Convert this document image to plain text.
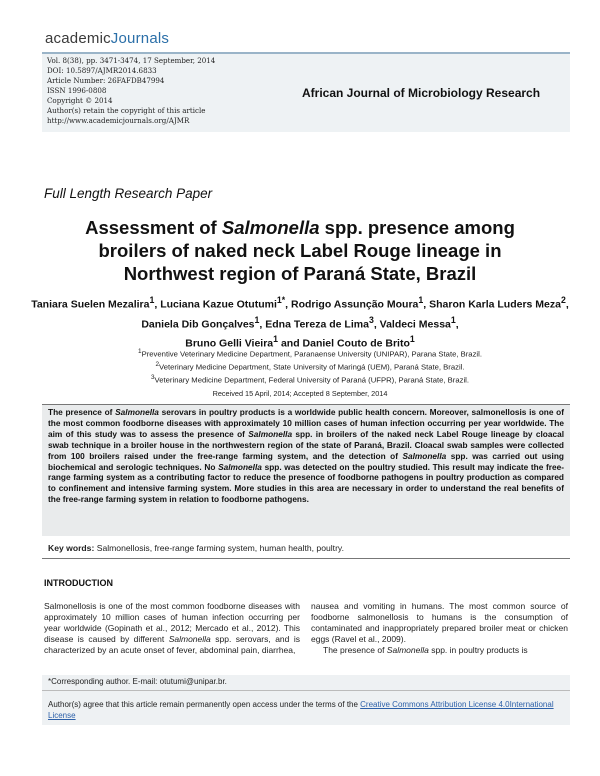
academicJournals
Vol. 8(38), pp. 3471-3474, 17 September, 2014
DOI: 10.5897/AJMR2014.6833
Article Number: 26FAFDB47994
ISSN 1996-0808
Copyright © 2014
Author(s) retain the copyright of this article
http://www.academicjournals.org/AJMR
African Journal of Microbiology Research
Full Length Research Paper
Assessment of Salmonella spp. presence among
broilers of naked neck Label Rouge lineage in
Northwest region of Paraná State, Brazil
Taniara Suelen Mezalira$^1$, Luciana Kazue Otutumi$^{1*}$, Rodrigo Assunção Moura$^1$, Sharon Karla Luders Meza$^2$, Daniela Dib Gonçalves$^1$, Edna Tereza de Lima$^3$, Valdeci Messa$^1$,
Bruno Gelli Vieira$^1$ and Daniel Couto de Brito$^1$
$^1$Preventive Veterinary Medicine Department, Paranaense University (UNIPAR), Parana State, Brazil.
$^2$Veterinary Medicine Department, State University of Maringá (UEM), Paraná State, Brazil.
$^3$Veterinary Medicine Department, Federal University of Paraná (UFPR), Paraná State, Brazil.
Received 15 April, 2014; Accepted 8 September, 2014
The presence of Salmonella serovars in poultry products is a worldwide public health concern. Moreover, salmonellosis is one of the most common foodborne diseases with approximately 10 million cases of human infection occurring per year worldwide. The aim of this study was to assess the presence of Salmonella spp. in broilers of the naked neck Label Rouge lineage by cloacal swab technique in a broiler house in the northwestern region of the state of Paraná, Brazil. Cloacal swab samples were collected from 100 broilers raised under the free-range farming system, and the detection of Salmonella spp. was carried out using biochemical and serologic techniques. No Salmonella spp. was detected on the poultry studied. This result may indicate the free-range farming system as a contributing factor to reduce the presence of foodborne pathogens in poultry production as compared to confinement and intensive farming system. More studies in this area are necessary in order to understand the real benefits of the free-range farming system in relation to foodborne pathogens.
Key words: Salmonellosis, free-range farming system, human health, poultry.
INTRODUCTION
Salmonellosis is one of the most common foodborne diseases with approximately 10 million cases of human infection occurring per year worldwide (Gopinath et al., 2012; Mercado et al., 2012). This disease is caused by different Salmonella spp. serovars, and is characterized by an acute onset of fever, abdominal pain, diarrhea,
nausea and vomiting in humans. The most common source of foodborne salmonellosis to humans is the consumption of contaminated and inappropriately prepared broiler meat or chicken eggs (Ravel et al., 2009).
The presence of Salmonella spp. in poultry products is
*Corresponding author. E-mail: otutumi@unipar.br.
Author(s) agree that this article remain permanently open access under the terms of the Creative Commons Attribution License 4.0International License
